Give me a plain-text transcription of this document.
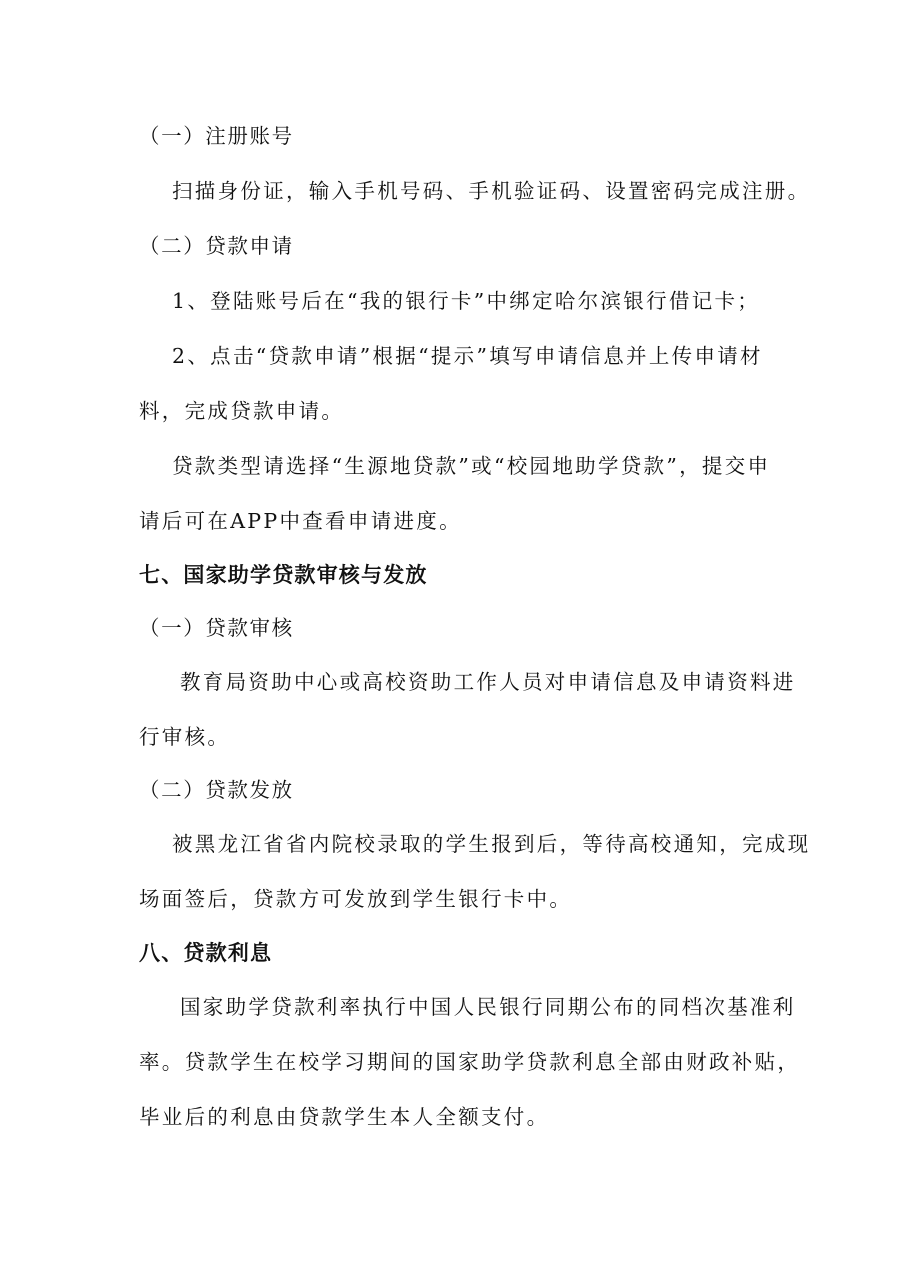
（一）注册账号
扫描身份证，输入手机号码、手机验证码、设置密码完成注册。
（二）贷款申请
1、登陆账号后在“我的银行卡”中绑定哈尔滨银行借记卡；
2、点击“贷款申请”根据“提示”填写申请信息并上传申请材
料，完成贷款申请。
贷款类型请选择“生源地贷款”或“校园地助学贷款”，提交申
请后可在APP中查看申请进度。
七、国家助学贷款审核与发放
（一）贷款审核
教育局资助中心或高校资助工作人员对申请信息及申请资料进
行审核。
（二）贷款发放
被黑龙江省省内院校录取的学生报到后，等待高校通知，完成现
场面签后，贷款方可发放到学生银行卡中。
八、贷款利息
国家助学贷款利率执行中国人民银行同期公布的同档次基准利
率。贷款学生在校学习期间的国家助学贷款利息全部由财政补贴，
毕业后的利息由贷款学生本人全额支付。
